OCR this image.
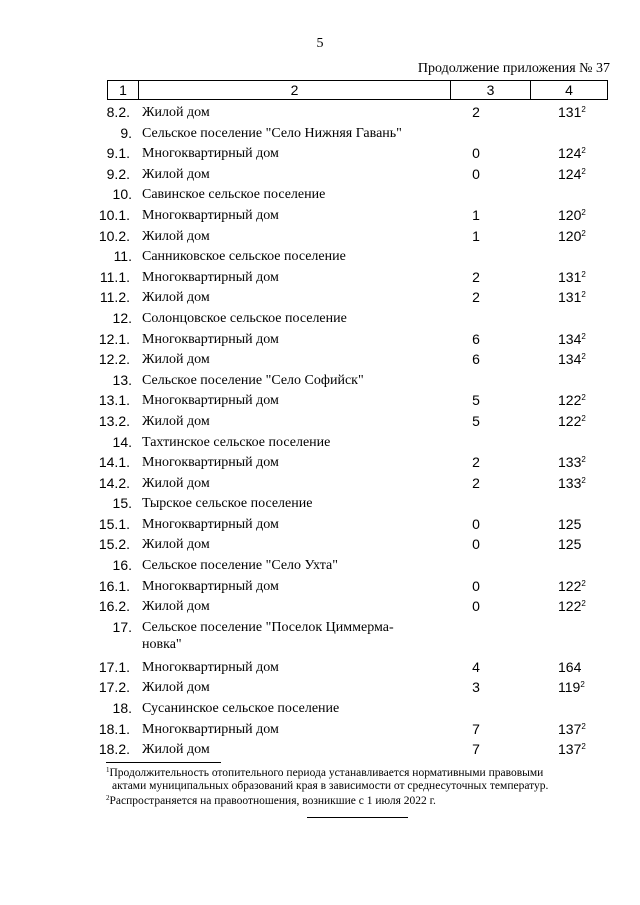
5
Продолжение приложения № 37
1	2	3	4
8.2. Жилой дом	2	$131^2$
9. Сельское поселение "Село Нижняя Гавань"
9.1. Многоквартирный дом	0	$124^2$
9.2. Жилой дом	0	$124^2$
10. Савинское сельское поселение
10.1. Многоквартирный дом	1	$120^2$
10.2. Жилой дом	1	$120^2$
11. Санниковское сельское поселение
11.1. Многоквартирный дом	2	$131^2$
11.2. Жилой дом	2	$131^2$
12. Солонцовское сельское поселение
12.1. Многоквартирный дом	6	$134^2$
12.2. Жилой дом	6	$134^2$
13. Сельское поселение "Село Софийск"
13.1. Многоквартирный дом	5	$122^2$
13.2. Жилой дом	5	$122^2$
14. Тахтинское сельское поселение
14.1. Многоквартирный дом	2	$133^2$
14.2. Жилой дом	2	$133^2$
15. Тырское сельское поселение
15.1. Многоквартирный дом	0	125
15.2. Жилой дом	0	125
16. Сельское поселение "Село Ухта"
16.1. Многоквартирный дом	0	$122^2$
16.2. Жилой дом	0	$122^2$
17. Сельское поселение "Поселок Циммерма-новка"
17.1. Многоквартирный дом	4	164
17.2. Жилой дом	3	$119^2$
18. Сусанинское сельское поселение
18.1. Многоквартирный дом	7	$137^2$
18.2. Жилой дом	7	$137^2$
$^1$Продолжительность отопительного периода устанавливается нормативными правовыми
актами муниципальных образований края в зависимости от среднесуточных температур.
$^2$Распространяется на правоотношения, возникшие с 1 июля 2022 г.
